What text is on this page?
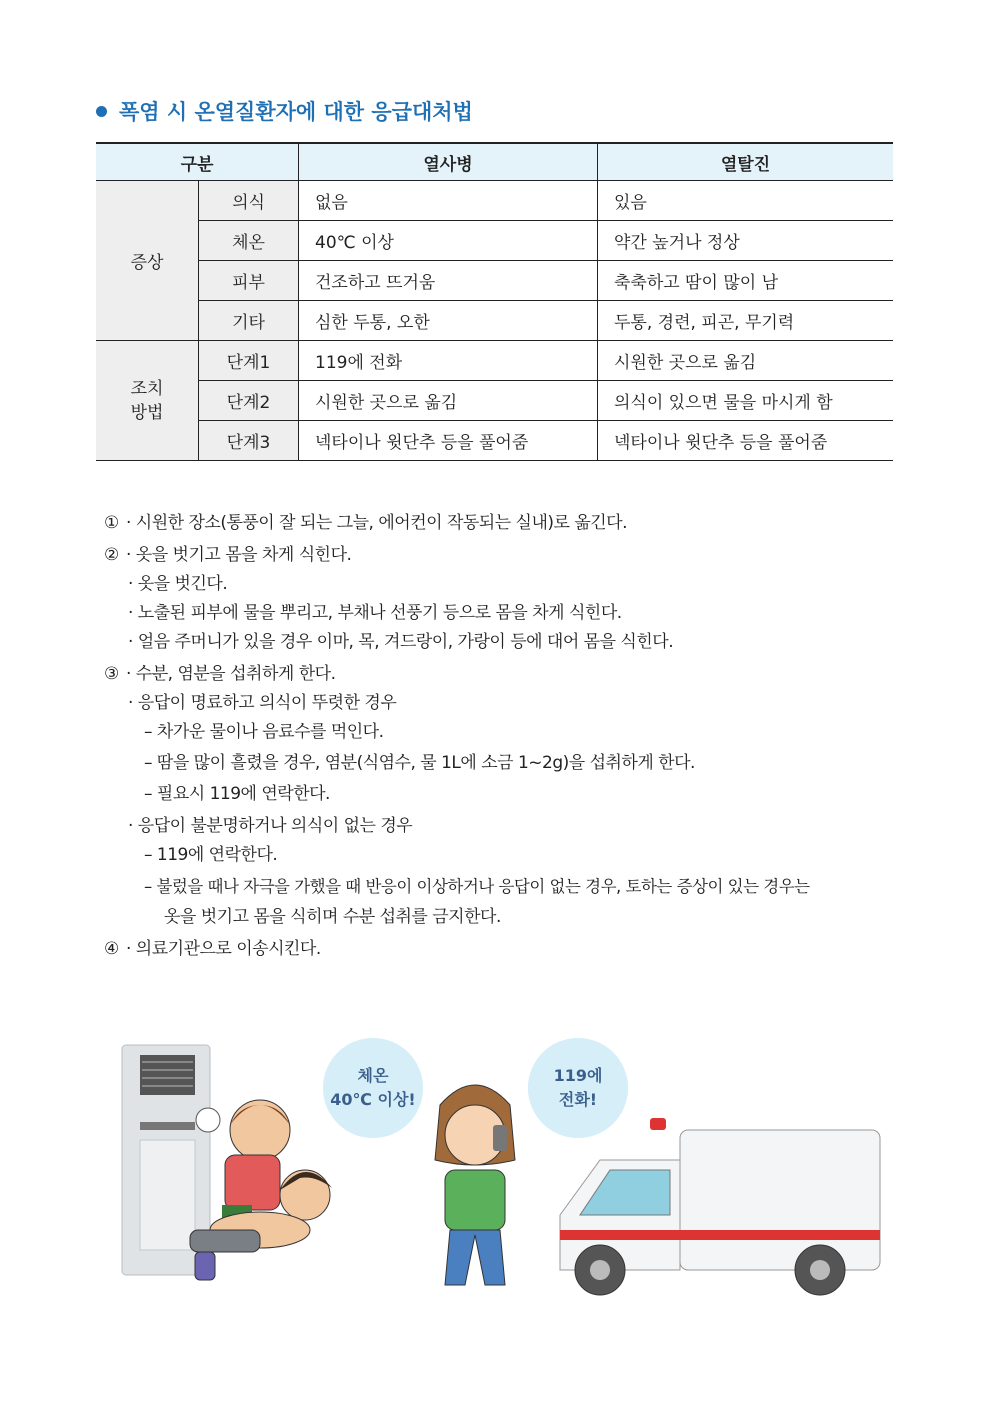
폭염 시 온열질환자에 대한 응급대처법
구분		열사병	열탈진
증상	의식	없음	있음
	체온	40℃ 이상	약간 높거나 정상
	피부	건조하고 뜨거움	축축하고 땀이 많이 남
	기타	심한 두통, 오한	두통, 경련, 피곤, 무기력
조치
방법	단계1	119에 전화	시원한 곳으로 옮김
	단계2	시원한 곳으로 옮김	의식이 있으면 물을 마시게 함
	단계3	넥타이나 윗단추 등을 풀어줌	넥타이나 윗단추 등을 풀어줌
① · 시원한 장소(통풍이 잘 되는 그늘, 에어컨이 작동되는 실내)로 옮긴다.
② · 옷을 벗기고 몸을 차게 식힌다.
· 옷을 벗긴다.
· 노출된 피부에 물을 뿌리고, 부채나 선풍기 등으로 몸을 차게 식힌다.
· 얼음 주머니가 있을 경우 이마, 목, 겨드랑이, 가랑이 등에 대어 몸을 식힌다.
③ · 수분, 염분을 섭취하게 한다.
· 응답이 명료하고 의식이 뚜렷한 경우
– 차가운 물이나 음료수를 먹인다.
– 땀을 많이 흘렸을 경우, 염분(식염수, 물 1L에 소금 1~2g)을 섭취하게 한다.
– 필요시 119에 연락한다.
· 응답이 불분명하거나 의식이 없는 경우
– 119에 연락한다.
– 불렀을 때나 자극을 가했을 때 반응이 이상하거나 응답이 없는 경우, 토하는 증상이 있는 경우는
옷을 벗기고 몸을 식히며 수분 섭취를 금지한다.
④ · 의료기관으로 이송시킨다.
체온
40℃ 이상!
119에
전화!
